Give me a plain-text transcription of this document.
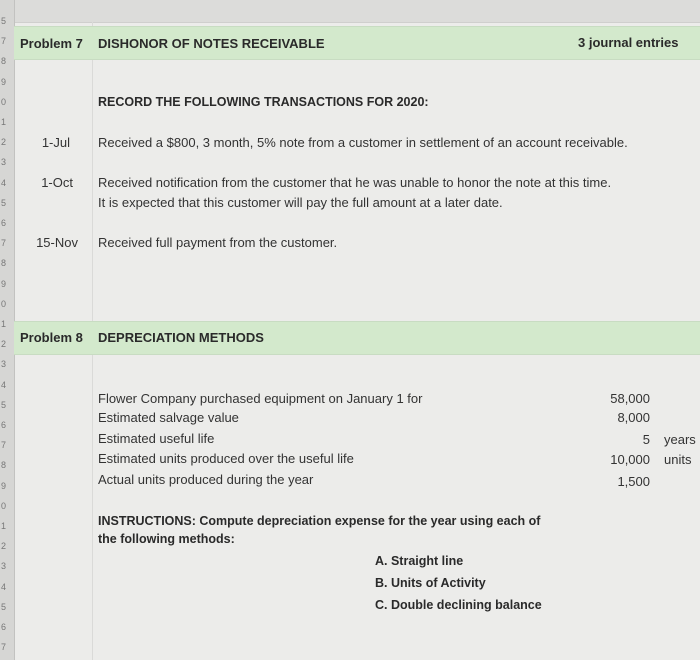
5
7
8
9
0
1
2
3
4
5
6
7
8
9
0
1
2
3
4
5
6
7
8
9
0
1
2
3
4
5
6
7
Problem 7 DISHONOR OF NOTES RECEIVABLE	3 journal entries
RECORD THE FOLLOWING TRANSACTIONS FOR 2020:
1-Jul Received a $800, 3 month, 5% note from a customer in settlement of an account receivable.
1-Oct Received notification from the customer that he was unable to honor the note at this time.
It is expected that this customer will pay the full amount at a later date.
15-Nov Received full payment from the customer.
Problem 8 DEPRECIATION METHODS
Flower Company purchased equipment on January 1 for	58,000
Estimated salvage value	8,000
Estimated useful life	5 years
Estimated units produced over the useful life	10,000 units
Actual units produced during the year	1,500
INSTRUCTIONS: Compute depreciation expense for the year using each of
the following methods:
A. Straight line
B. Units of Activity
C. Double declining balance
